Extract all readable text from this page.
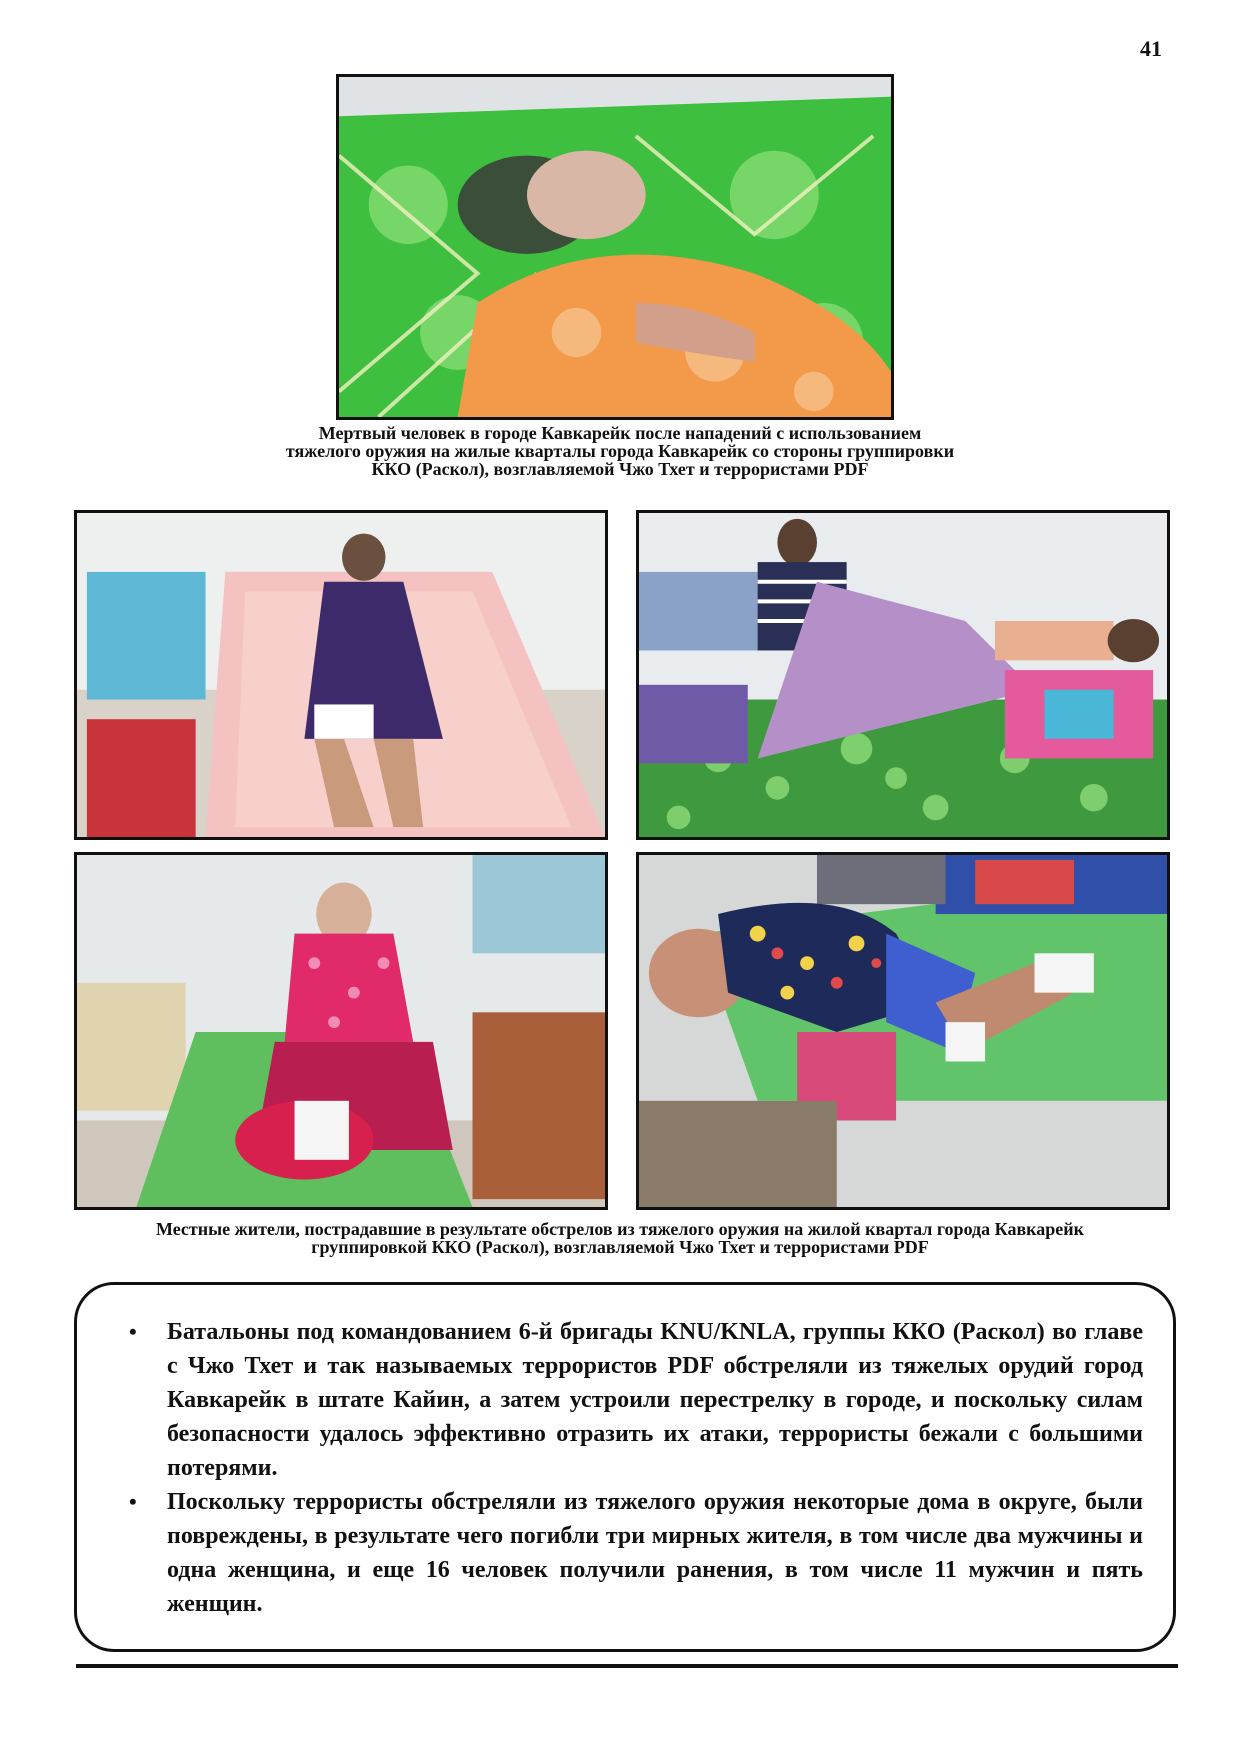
41
Мертвый человек в городе Кавкарейк после нападений с использованием
тяжелого оружия на жилые кварталы города Кавкарейк со стороны группировки
ККО (Раскол), возглавляемой Чжо Тхет и террористами PDF
Местные жители, пострадавшие в результате обстрелов из тяжелого оружия на жилой квартал города Кавкарейк
группировкой ККО (Раскол), возглавляемой Чжо Тхет и террористами PDF
• Батальоны под командованием 6-й бригады KNU/KNLA, группы ККО (Раскол) во главе с Чжо Тхет и так называемых террористов PDF обстреляли из тяжелых орудий город Кавкарейк в штате Кайин, а затем устроили перестрелку в городе, и поскольку силам безопасности удалось эффективно отразить их атаки, террористы бежали с большими потерями.
• Поскольку террористы обстреляли из тяжелого оружия некоторые дома в округе, были повреждены, в результате чего погибли три мирных жителя, в том числе два мужчины и одна женщина, и еще 16 человек получили ранения, в том числе 11 мужчин и пять женщин.
